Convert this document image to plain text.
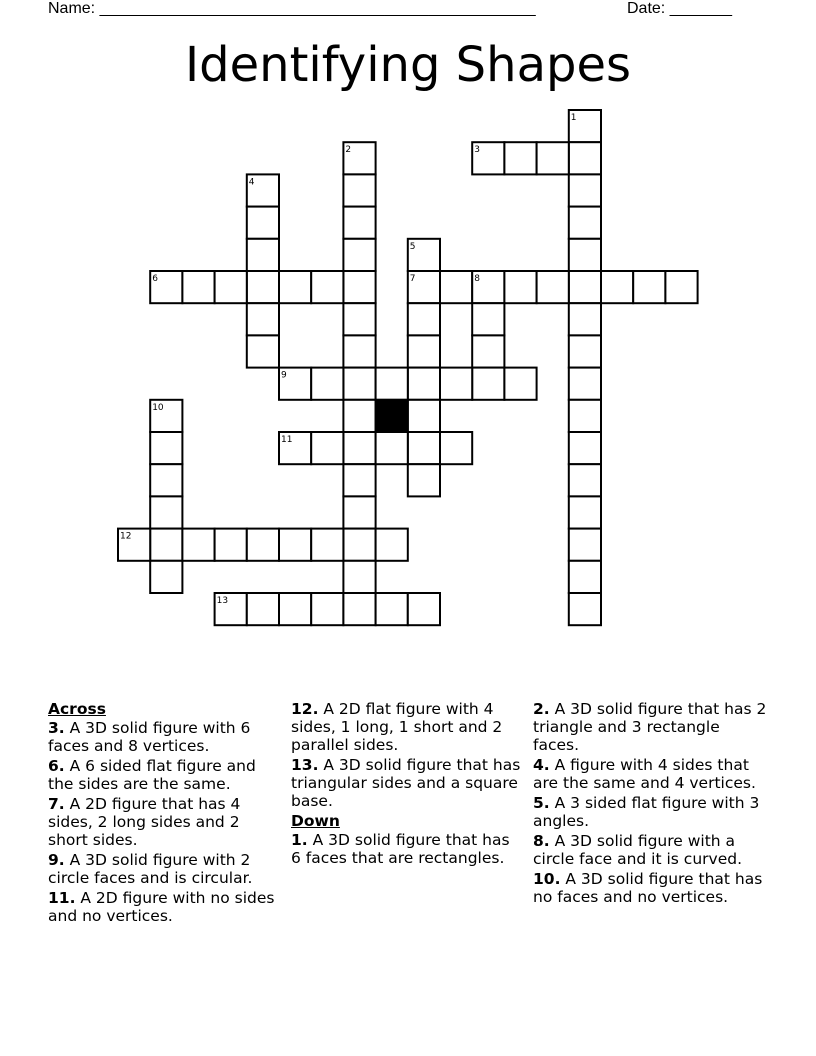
Name: _________________________________________________	Date: _______
Identifying Shapes
1
2	3
4
5
6	7	8
9
10
11
12
13
Across
3. A 3D solid figure with 6 faces and 8 vertices.
6. A 6 sided flat figure and the sides are the same.
7. A 2D figure that has 4 sides, 2 long sides and 2 short sides.
9. A 3D solid figure with 2 circle faces and is circular.
11. A 2D figure with no sides and no vertices.
12. A 2D flat figure with 4 sides, 1 long, 1 short and 2 parallel sides.
13. A 3D solid figure that has triangular sides and a square base.
Down
1. A 3D solid figure that has 6 faces that are rectangles.
2. A 3D solid figure that has 2 triangle and 3 rectangle faces.
4. A figure with 4 sides that are the same and 4 vertices.
5. A 3 sided flat figure with 3 angles.
8. A 3D solid figure with a circle face and it is curved.
10. A 3D solid figure that has no faces and no vertices.
